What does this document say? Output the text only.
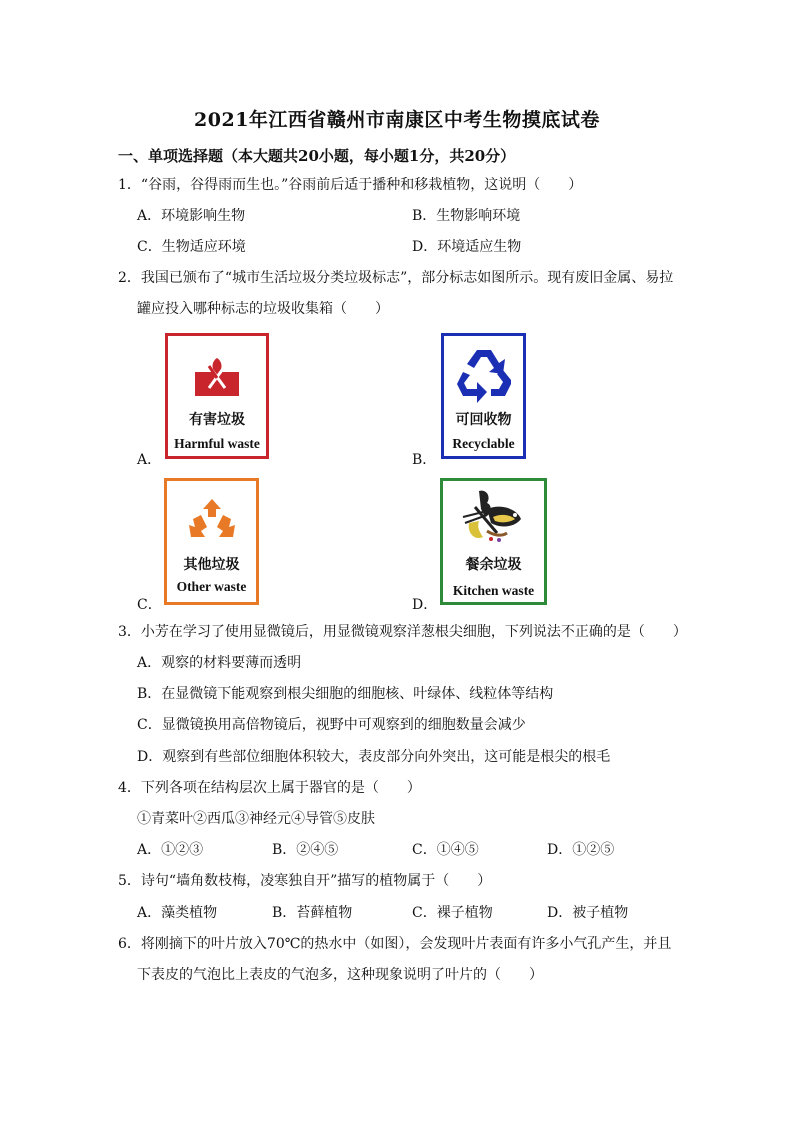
2021年江西省赣州市南康区中考生物摸底试卷
一、单项选择题（本大题共20小题，每小题1分，共20分）
1．“谷雨，谷得雨而生也。”谷雨前后适于播种和移栽植物，这说明（　　）
A．环境影响生物	B．生物影响环境
C．生物适应环境	D．环境适应生物
2．我国已颁布了“城市生活垃圾分类垃圾标志”，部分标志如图所示。现有废旧金属、易拉
罐应投入哪种标志的垃圾收集箱（　　）
有害垃圾
Harmful waste
A．
可回收物
Recyclable
B．
其他垃圾
Other waste
C．
餐余垃圾
Kitchen waste
D．
3．小芳在学习了使用显微镜后，用显微镜观察洋葱根尖细胞，下列说法不正确的是（　　）
A．观察的材料要薄而透明
B．在显微镜下能观察到根尖细胞的细胞核、叶绿体、线粒体等结构
C．显微镜换用高倍物镜后，视野中可观察到的细胞数量会减少
D．观察到有些部位细胞体积较大，表皮部分向外突出，这可能是根尖的根毛
4．下列各项在结构层次上属于器官的是（　　）
①青菜叶②西瓜③神经元④导管⑤皮肤
A．①②③	B．②④⑤	C．①④⑤	D．①②⑤
5．诗句“墙角数枝梅，凌寒独自开”描写的植物属于（　　）
A．藻类植物	B．苔藓植物	C．裸子植物	D．被子植物
6．将刚摘下的叶片放入70℃的热水中（如图），会发现叶片表面有许多小气孔产生，并且
下表皮的气泡比上表皮的气泡多，这种现象说明了叶片的（　　）
